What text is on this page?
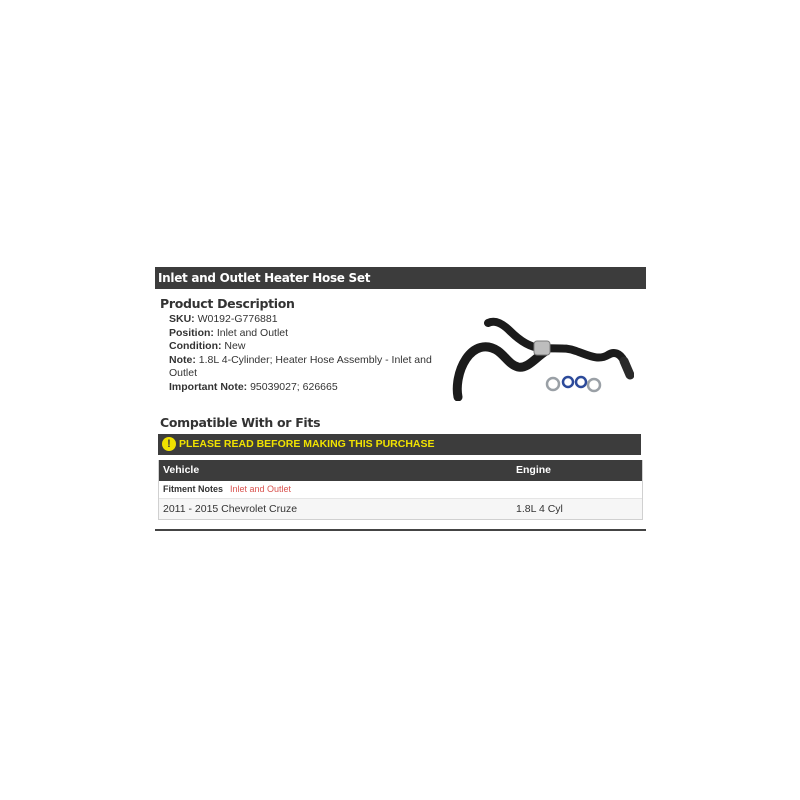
Inlet and Outlet Heater Hose Set
Product Description
SKU: W0192-G776881
Position: Inlet and Outlet
Condition: New
Note: 1.8L 4-Cylinder; Heater Hose Assembly - Inlet and Outlet
Important Note: 95039027; 626665
Compatible With or Fits
! PLEASE READ BEFORE MAKING THIS PURCHASE
Vehicle	Engine
Fitment Notes Inlet and Outlet
2011 - 2015 Chevrolet Cruze	1.8L 4 Cyl
